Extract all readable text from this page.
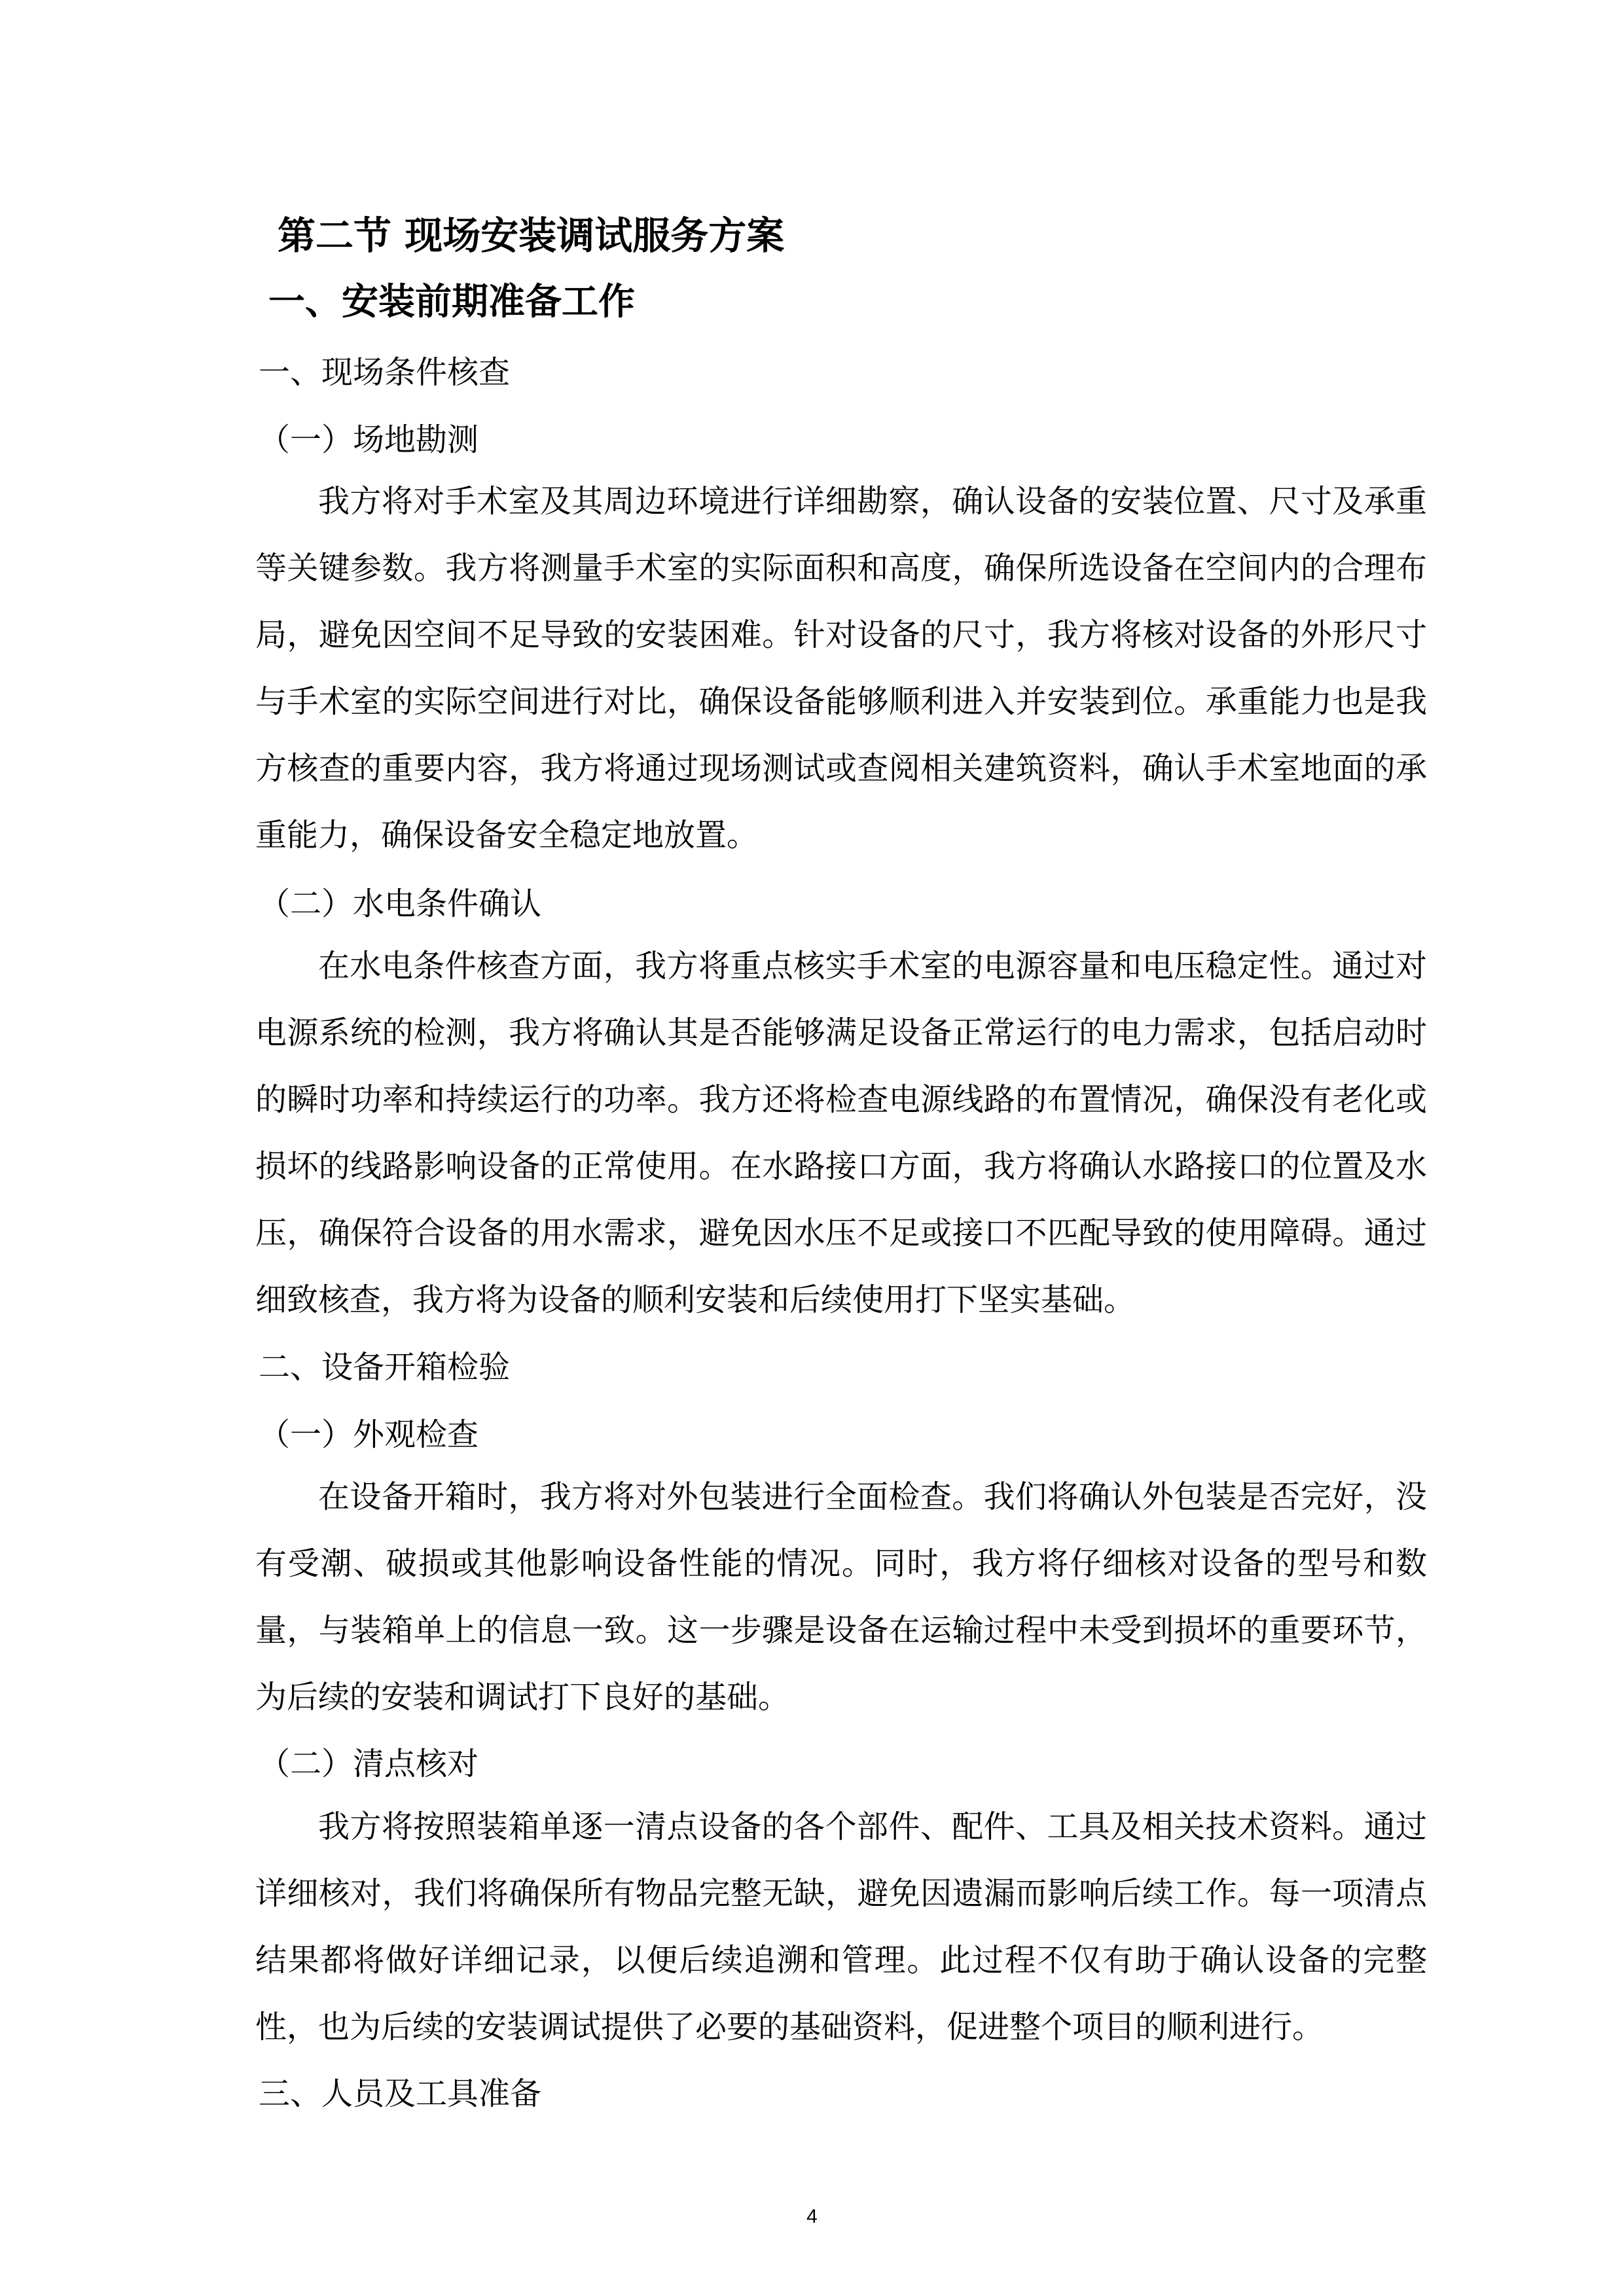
第二节 现场安装调试服务方案
一、安装前期准备工作
一、现场条件核查
（一）场地勘测
我方将对手术室及其周边环境进行详细勘察，确认设备的安装位置、尺寸及承重等关键参数。我方将测量手术室的实际面积和高度，确保所选设备在空间内的合理布局，避免因空间不足导致的安装困难。针对设备的尺寸，我方将核对设备的外形尺寸与手术室的实际空间进行对比，确保设备能够顺利进入并安装到位。承重能力也是我方核查的重要内容，我方将通过现场测试或查阅相关建筑资料，确认手术室地面的承重能力，确保设备安全稳定地放置。
（二）水电条件确认
在水电条件核查方面，我方将重点核实手术室的电源容量和电压稳定性。通过对电源系统的检测，我方将确认其是否能够满足设备正常运行的电力需求，包括启动时的瞬时功率和持续运行的功率。我方还将检查电源线路的布置情况，确保没有老化或损坏的线路影响设备的正常使用。在水路接口方面，我方将确认水路接口的位置及水压，确保符合设备的用水需求，避免因水压不足或接口不匹配导致的使用障碍。通过细致核查，我方将为设备的顺利安装和后续使用打下坚实基础。
二、设备开箱检验
（一）外观检查
在设备开箱时，我方将对外包装进行全面检查。我们将确认外包装是否完好，没有受潮、破损或其他影响设备性能的情况。同时，我方将仔细核对设备的型号和数量，与装箱单上的信息一致。这一步骤是设备在运输过程中未受到损坏的重要环节，为后续的安装和调试打下良好的基础。
（二）清点核对
我方将按照装箱单逐一清点设备的各个部件、配件、工具及相关技术资料。通过详细核对，我们将确保所有物品完整无缺，避免因遗漏而影响后续工作。每一项清点结果都将做好详细记录，以便后续追溯和管理。此过程不仅有助于确认设备的完整性，也为后续的安装调试提供了必要的基础资料，促进整个项目的顺利进行。
三、人员及工具准备
4
